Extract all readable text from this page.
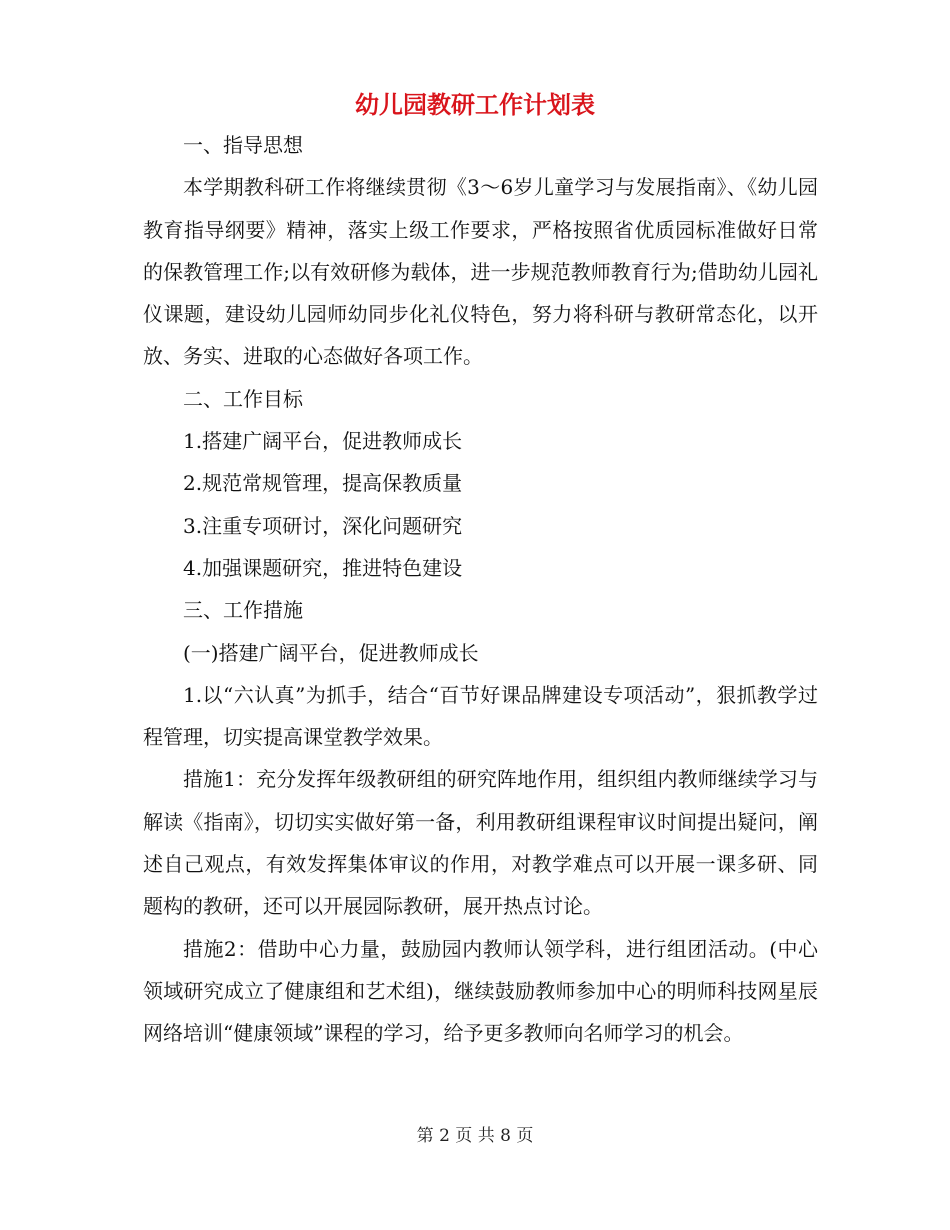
幼儿园教研工作计划表

一、指导思想

本学期教科研工作将继续贯彻《3～6岁儿童学习与发展指南》、《幼儿园教育指导纲要》精神，落实上级工作要求，严格按照省优质园标准做好日常的保教管理工作;以有效研修为载体，进一步规范教师教育行为;借助幼儿园礼仪课题，建设幼儿园师幼同步化礼仪特色，努力将科研与教研常态化，以开放、务实、进取的心态做好各项工作。

二、工作目标

1.搭建广阔平台，促进教师成长

2.规范常规管理，提高保教质量

3.注重专项研讨，深化问题研究

4.加强课题研究，推进特色建设

三、工作措施

(一)搭建广阔平台，促进教师成长

1.以“六认真”为抓手，结合“百节好课品牌建设专项活动”，狠抓教学过程管理，切实提高课堂教学效果。

措施1：充分发挥年级教研组的研究阵地作用，组织组内教师继续学习与解读《指南》，切切实实做好第一备，利用教研组课程审议时间提出疑问，阐述自己观点，有效发挥集体审议的作用，对教学难点可以开展一课多研、同题构的教研，还可以开展园际教研，展开热点讨论。

措施2：借助中心力量，鼓励园内教师认领学科，进行组团活动。(中心领域研究成立了健康组和艺术组)，继续鼓励教师参加中心的明师科技网星辰网络培训“健康领域”课程的学习，给予更多教师向名师学习的机会。

第 2 页 共 8 页
